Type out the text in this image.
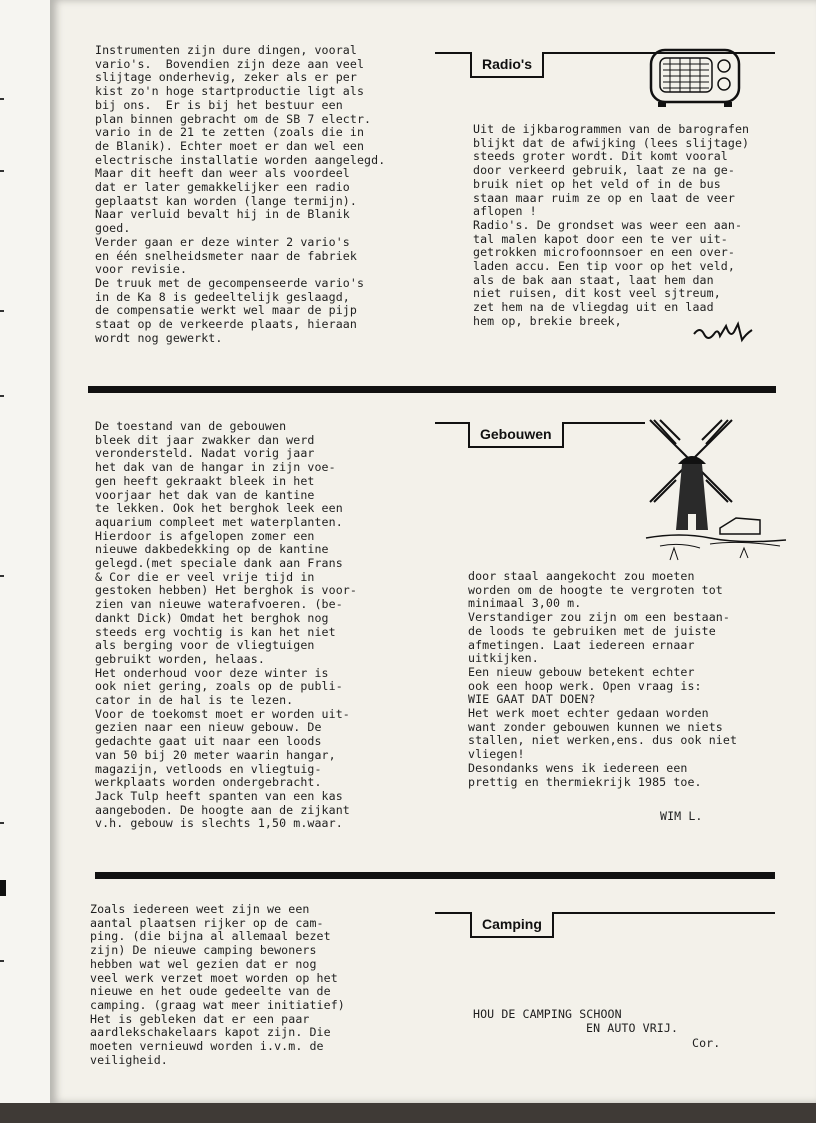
Instrumenten zijn dure dingen, vooral
vario's.  Bovendien zijn deze aan veel
slijtage onderhevig, zeker als er per
kist zo'n hoge startproductie ligt als
bij ons.  Er is bij het bestuur een
plan binnen gebracht om de SB 7 electr.
vario in de 21 te zetten (zoals die in
de Blanik). Echter moet er dan wel een
electrische installatie worden aangelegd.
Maar dit heeft dan weer als voordeel
dat er later gemakkelijker een radio
geplaatst kan worden (lange termijn).
Naar verluid bevalt hij in de Blanik
goed.
Verder gaan er deze winter 2 vario's
en één snelheidsmeter naar de fabriek
voor revisie.
De truuk met de gecompenseerde vario's
in de Ka 8 is gedeeltelijk geslaagd,
de compensatie werkt wel maar de pijp
staat op de verkeerde plaats, hieraan
wordt nog gewerkt.
Radio's
Uit de ijkbarogrammen van de barografen
blijkt dat de afwijking (lees slijtage)
steeds groter wordt. Dit komt vooral
door verkeerd gebruik, laat ze na ge-
bruik niet op het veld of in de bus
staan maar ruim ze op en laat de veer
aflopen !
Radio's. De grondset was weer een aan-
tal malen kapot door een te ver uit-
getrokken microfoonnsoer en een over-
laden accu. Een tip voor op het veld,
als de bak aan staat, laat hem dan
niet ruisen, dit kost veel sjtreum,
zet hem na de vliegdag uit en laad
hem op, brekie breek,
De toestand van de gebouwen
bleek dit jaar zwakker dan werd
verondersteld. Nadat vorig jaar
het dak van de hangar in zijn voe-
gen heeft gekraakt bleek in het
voorjaar het dak van de kantine
te lekken. Ook het berghok leek een
aquarium compleet met waterplanten.
Hierdoor is afgelopen zomer een
nieuwe dakbedekking op de kantine
gelegd.(met speciale dank aan Frans
& Cor die er veel vrije tijd in
gestoken hebben) Het berghok is voor-
zien van nieuwe waterafvoeren. (be-
dankt Dick) Omdat het berghok nog
steeds erg vochtig is kan het niet
als berging voor de vliegtuigen
gebruikt worden, helaas.
Het onderhoud voor deze winter is
ook niet gering, zoals op de publi-
cator in de hal is te lezen.
Voor de toekomst moet er worden uit-
gezien naar een nieuw gebouw. De
gedachte gaat uit naar een loods
van 50 bij 20 meter waarin hangar,
magazijn, vetloods en vliegtuig-
werkplaats worden ondergebracht.
Jack Tulp heeft spanten van een kas
aangeboden. De hoogte aan de zijkant
v.h. gebouw is slechts 1,50 m.waar.
Gebouwen
door staal aangekocht zou moeten
worden om de hoogte te vergroten tot
minimaal 3,00 m.
Verstandiger zou zijn om een bestaan-
de loods te gebruiken met de juiste
afmetingen. Laat iedereen ernaar
uitkijken.
Een nieuw gebouw betekent echter
ook een hoop werk. Open vraag is:
WIE GAAT DAT DOEN?
Het werk moet echter gedaan worden
want zonder gebouwen kunnen we niets
stallen, niet werken,ens. dus ook niet
vliegen!
Desondanks wens ik iedereen een
prettig en thermiekrijk 1985 toe.
WIM L.
Zoals iedereen weet zijn we een
aantal plaatsen rijker op de cam-
ping. (die bijna al allemaal bezet
zijn) De nieuwe camping bewoners
hebben wat wel gezien dat er nog
veel werk verzet moet worden op het
nieuwe en het oude gedeelte van de
camping. (graag wat meer initiatief)
Het is gebleken dat er een paar
aardlekschakelaars kapot zijn. Die
moeten vernieuwd worden i.v.m. de
veiligheid.
Camping
HOU DE CAMPING SCHOON
EN AUTO VRIJ.
Cor.
